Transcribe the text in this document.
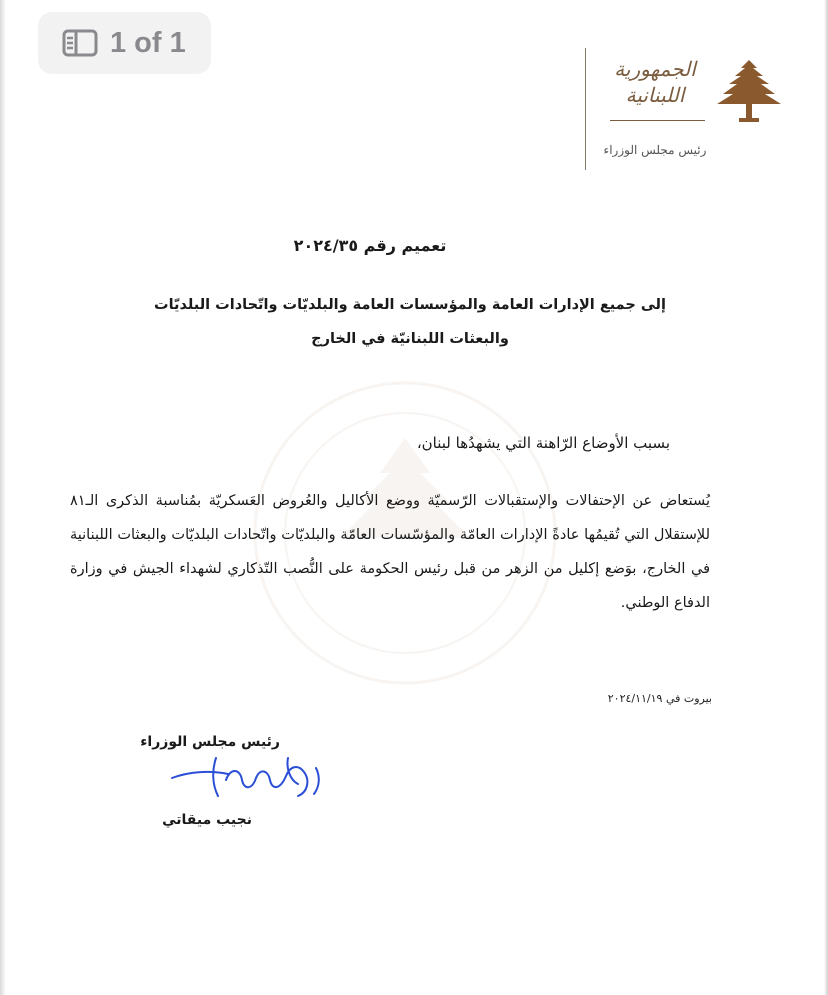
1 of 1
الجمهورية اللبنانية
رئيس مجلس الوزراء
تعميم رقم ٢٠٢٤/٣٥
إلى جميع الإدارات العامة والمؤسسات العامة والبلديّات واتّحادات البلديّات والبعثات اللبنانيّة في الخارج
بسبب الأوضاع الرّاهنة التي يشهدُها لبنان،
يُستعاض عن الإحتفالات والإستقبالات الرّسميّة ووضع الأكاليل والعُروض العَسكريّة بمُناسبة الذكرى الـ٨١ للإستقلال التي تُقيمُها عادةً الإدارات العامّة والمؤسّسات العامّة والبلديّات واتّحادات البلديّات والبعثات اللبنانية في الخارج، بوَضع إكليل من الزهر من قبل رئيس الحكومة على النُّصب التّذكاري لشهداء الجيش في وزارة الدفاع الوطني.
بيروت في ٢٠٢٤/١١/١٩
رئيس مجلس الوزراء
نجيب ميقاتي
